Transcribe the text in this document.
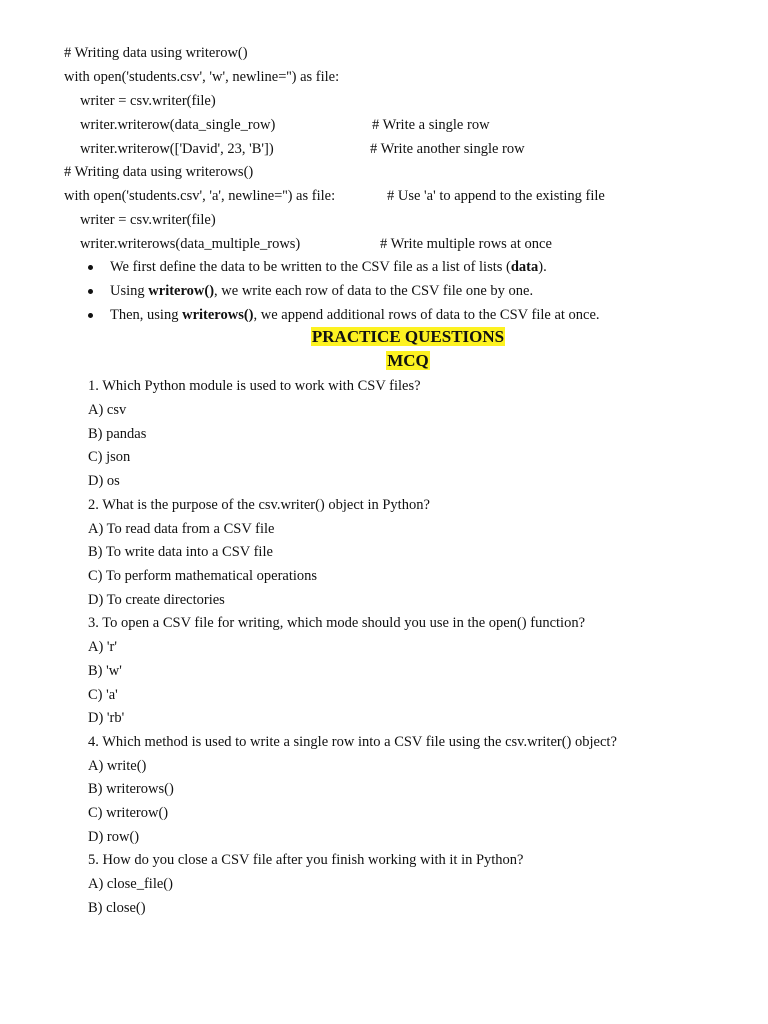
# Writing data using writerow()
with open('students.csv', 'w', newline='') as file:
writer = csv.writer(file)
writer.writerow(data_single_row)	# Write a single row
writer.writerow(['David', 23, 'B'])	# Write another single row
# Writing data using writerows()
with open('students.csv', 'a', newline='') as file:	# Use 'a' to append to the existing file
writer = csv.writer(file)
writer.writerows(data_multiple_rows)	# Write multiple rows at once
We first define the data to be written to the CSV file as a list of lists (data).
Using writerow(), we write each row of data to the CSV file one by one.
Then, using writerows(), we append additional rows of data to the CSV file at once.
PRACTICE QUESTIONS
MCQ
1. Which Python module is used to work with CSV files?
A) csv
B) pandas
C) json
D) os
2. What is the purpose of the csv.writer() object in Python?
A) To read data from a CSV file
B) To write data into a CSV file
C) To perform mathematical operations
D) To create directories
3. To open a CSV file for writing, which mode should you use in the open() function?
A) 'r'
B) 'w'
C) 'a'
D) 'rb'
4. Which method is used to write a single row into a CSV file using the csv.writer() object?
A) write()
B) writerows()
C) writerow()
D) row()
5. How do you close a CSV file after you finish working with it in Python?
A) close_file()
B) close()
